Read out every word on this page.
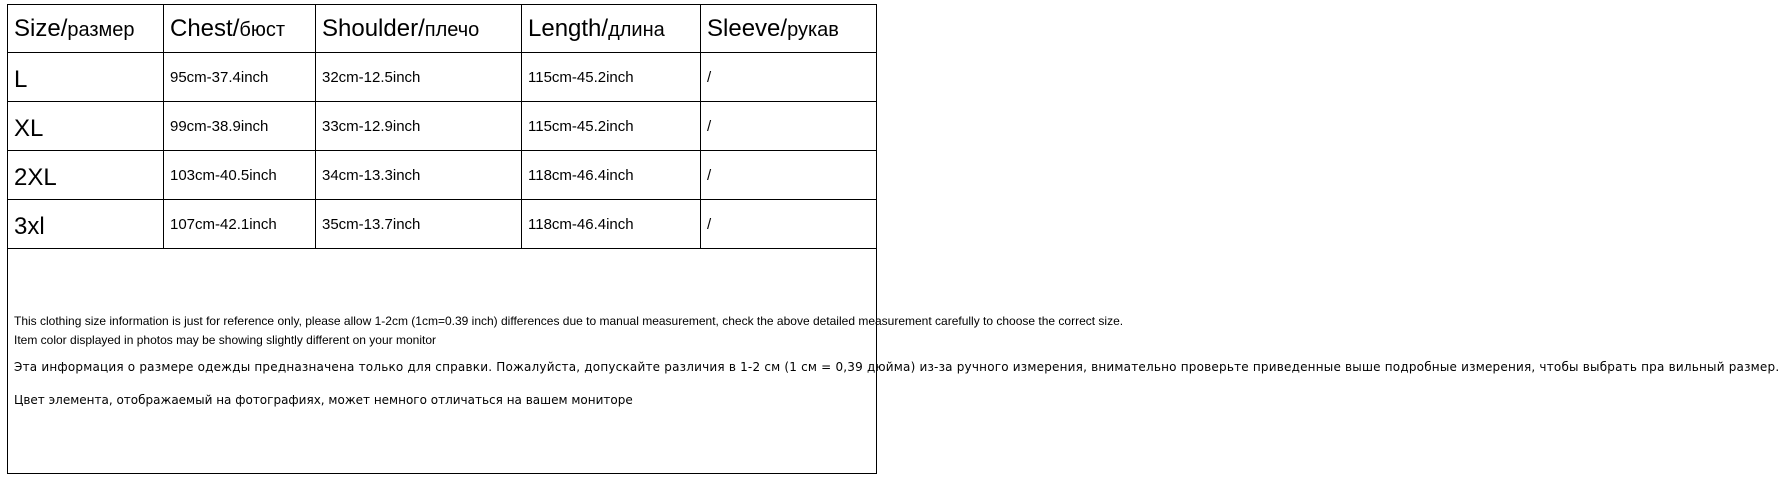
Size/размер	Chest/бюст	Shoulder/плечо	Length/длина	Sleeve/рукав
L	95cm-37.4inch	32cm-12.5inch	115cm-45.2inch	/
XL	99cm-38.9inch	33cm-12.9inch	115cm-45.2inch	/
2XL	103cm-40.5inch	34cm-13.3inch	118cm-46.4inch	/
3xl	107cm-42.1inch	35cm-13.7inch	118cm-46.4inch	/

This clothing size information is just for reference only, please allow 1-2cm (1cm=0.39 inch) differences due to manual measurement, check the above detailed measurement carefully to choose the correct size.
Item color displayed in photos may be showing slightly different on your monitor
Эта информация о размере одежды предназначена только для справки. Пожалуйста, допускайте различия в 1-2 см (1 см = 0,39 дюйма) из-за ручного измерения, внимательно проверьте приведенные выше подробные измерения, чтобы выбрать пра вильный размер.
Цвет элемента, отображаемый на фотографиях, может немного отличаться на вашем мониторе				
